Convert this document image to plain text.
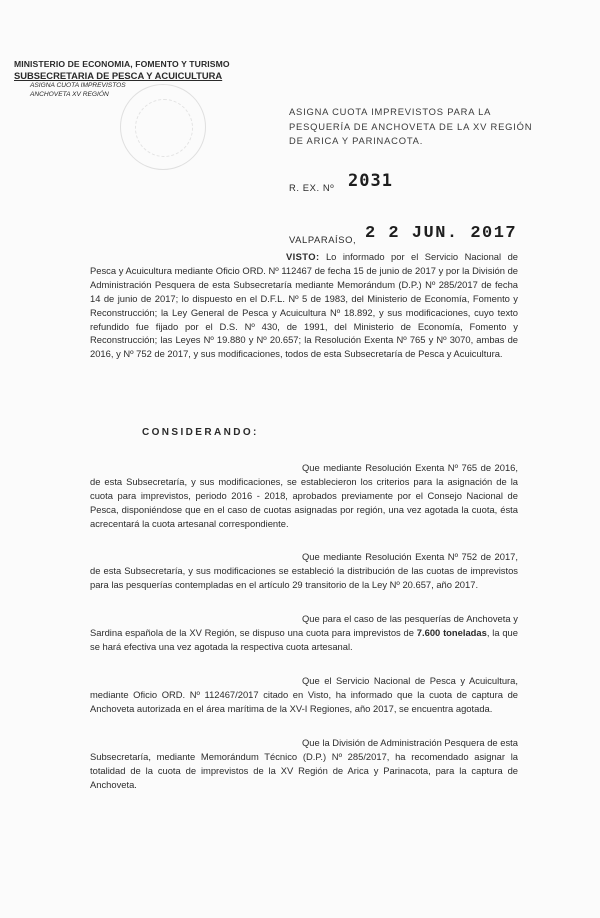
MINISTERIO DE ECONOMIA, FOMENTO Y TURISMO
SUBSECRETARIA DE PESCA Y ACUICULTURA
ASIGNA CUOTA IMPREVISTOS
ANCHOVETA XV REGIÓN
ASIGNA CUOTA IMPREVISTOS PARA LA PESQUERÍA DE ANCHOVETA DE LA XV REGIÓN DE ARICA Y PARINACOTA.
R. EX. Nº 2031
VALPARAÍSO, 2 2 JUN. 2017

VISTO: Lo informado por el Servicio Nacional de Pesca y Acuicultura mediante Oficio ORD. Nº 112467 de fecha 15 de junio de 2017 y por la División de Administración Pesquera de esta Subsecretaría mediante Memorándum (D.P.) Nº 285/2017 de fecha 14 de junio de 2017; lo dispuesto en el D.F.L. Nº 5 de 1983, del Ministerio de Economía, Fomento y Reconstrucción; la Ley General de Pesca y Acuicultura Nº 18.892, y sus modificaciones, cuyo texto refundido fue fijado por el D.S. Nº 430, de 1991, del Ministerio de Economía, Fomento y Reconstrucción; las Leyes Nº 19.880 y Nº 20.657; la Resolución Exenta Nº 765 y Nº 3070, ambas de 2016, y Nº 752 de 2017, y sus modificaciones, todos de esta Subsecretaría de Pesca y Acuicultura.

CONSIDERANDO:

Que mediante Resolución Exenta Nº 765 de 2016, de esta Subsecretaría, y sus modificaciones, se establecieron los criterios para la asignación de la cuota para imprevistos, periodo 2016 - 2018, aprobados previamente por el Consejo Nacional de Pesca, disponiéndose que en el caso de cuotas asignadas por región, una vez agotada la cuota, ésta acrecentará la cuota artesanal correspondiente.

Que mediante Resolución Exenta Nº 752 de 2017, de esta Subsecretaría, y sus modificaciones se estableció la distribución de las cuotas de imprevistos para las pesquerías contempladas en el artículo 29 transitorio de la Ley Nº 20.657, año 2017.

Que para el caso de las pesquerías de Anchoveta y Sardina española de la XV Región, se dispuso una cuota para imprevistos de 7.600 toneladas, la que se hará efectiva una vez agotada la respectiva cuota artesanal.

Que el Servicio Nacional de Pesca y Acuicultura, mediante Oficio ORD. Nº 112467/2017 citado en Visto, ha informado que la cuota de captura de Anchoveta autorizada en el área marítima de la XV-I Regiones, año 2017, se encuentra agotada.

Que la División de Administración Pesquera de esta Subsecretaría, mediante Memorándum Técnico (D.P.) Nº 285/2017, ha recomendado asignar la totalidad de la cuota de imprevistos de la XV Región de Arica y Parinacota, para la captura de Anchoveta.
